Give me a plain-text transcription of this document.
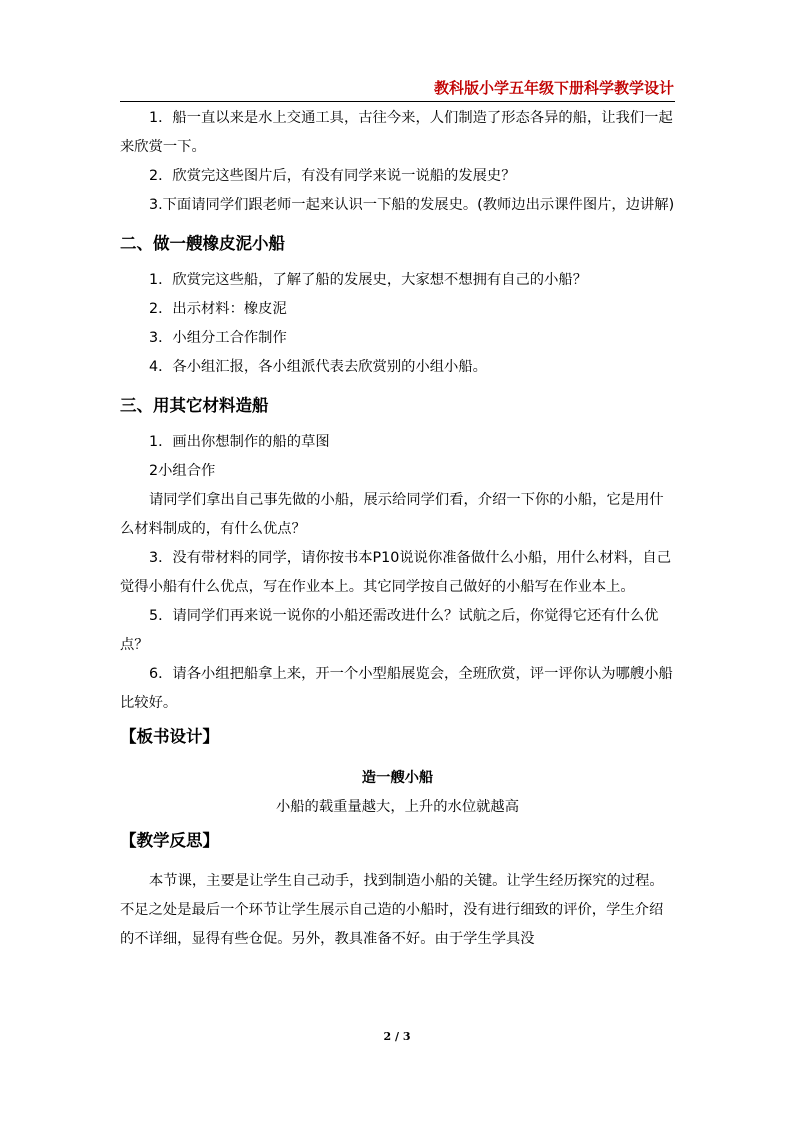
教科版小学五年级下册科学教学设计

1．船一直以来是水上交通工具，古往今来，人们制造了形态各异的船，让我们一起来欣赏一下。

2．欣赏完这些图片后，有没有同学来说一说船的发展史？

3.下面请同学们跟老师一起来认识一下船的发展史。(教师边出示课件图片，边讲解)

二、做一艘橡皮泥小船

1．欣赏完这些船，了解了船的发展史，大家想不想拥有自己的小船？

2．出示材料：橡皮泥

3．小组分工合作制作

4．各小组汇报，各小组派代表去欣赏别的小组小船。

三、用其它材料造船

1．画出你想制作的船的草图

2小组合作

请同学们拿出自己事先做的小船，展示给同学们看，介绍一下你的小船，它是用什么材料制成的，有什么优点？

3．没有带材料的同学，请你按书本P10说说你准备做什么小船，用什么材料，自己觉得小船有什么优点，写在作业本上。其它同学按自己做好的小船写在作业本上。

5．请同学们再来说一说你的小船还需改进什么？试航之后，你觉得它还有什么优点？

6．请各小组把船拿上来，开一个小型船展览会，全班欣赏，评一评你认为哪艘小船比较好。

【板书设计】

造一艘小船

小船的载重量越大，上升的水位就越高

【教学反思】

本节课，主要是让学生自己动手，找到制造小船的关键。让学生经历探究的过程。不足之处是最后一个环节让学生展示自己造的小船时，没有进行细致的评价，学生介绍的不详细，显得有些仓促。另外，教具准备不好。由于学生学具没

2 / 3
